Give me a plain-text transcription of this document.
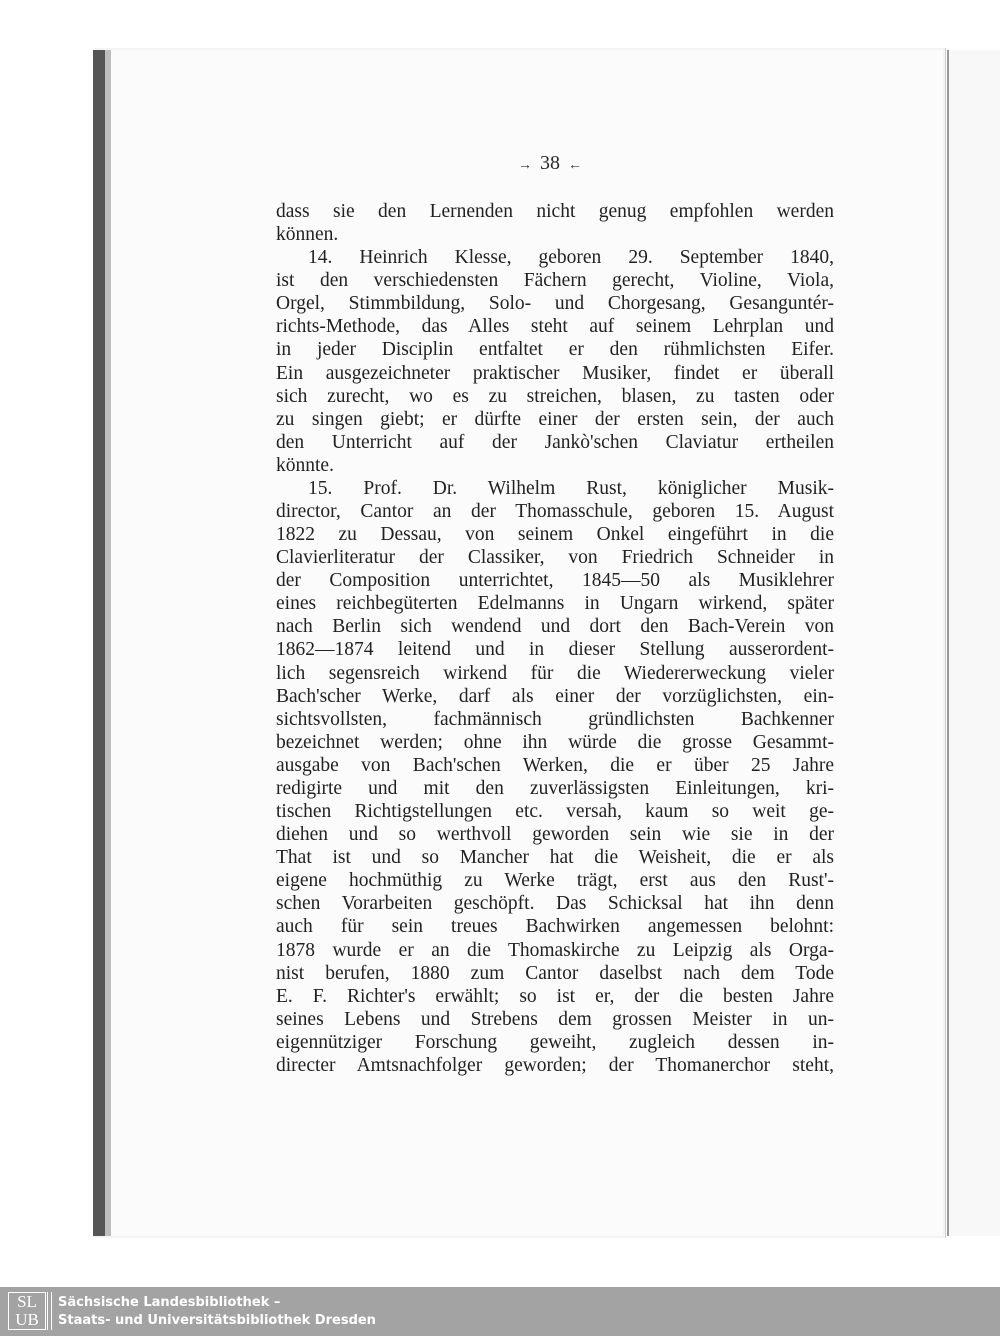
→ 38 ←
dass sie den Lernenden nicht genug empfohlen werden
können.
14. Heinrich Klesse, geboren 29. September 1840,
ist den verschiedensten Fächern gerecht, Violine, Viola,
Orgel, Stimmbildung, Solo- und Chorgesang, Gesanguntér-
richts-Methode, das Alles steht auf seinem Lehrplan und
in jeder Disciplin entfaltet er den rühmlichsten Eifer.
Ein ausgezeichneter praktischer Musiker, findet er überall
sich zurecht, wo es zu streichen, blasen, zu tasten oder
zu singen giebt; er dürfte einer der ersten sein, der auch
den Unterricht auf der Jankò'schen Claviatur ertheilen
könnte.
15. Prof. Dr. Wilhelm Rust, königlicher Musik-
director, Cantor an der Thomasschule, geboren 15. August
1822 zu Dessau, von seinem Onkel eingeführt in die
Clavierliteratur der Classiker, von Friedrich Schneider in
der Composition unterrichtet, 1845—50 als Musiklehrer
eines reichbegüterten Edelmanns in Ungarn wirkend, später
nach Berlin sich wendend und dort den Bach-Verein von
1862—1874 leitend und in dieser Stellung ausserordent-
lich segensreich wirkend für die Wiedererweckung vieler
Bach'scher Werke, darf als einer der vorzüglichsten, ein-
sichtsvollsten, fachmännisch gründlichsten Bachkenner
bezeichnet werden; ohne ihn würde die grosse Gesammt-
ausgabe von Bach'schen Werken, die er über 25 Jahre
redigirte und mit den zuverlässigsten Einleitungen, kri-
tischen Richtigstellungen etc. versah, kaum so weit ge-
diehen und so werthvoll geworden sein wie sie in der
That ist und so Mancher hat die Weisheit, die er als
eigene hochmüthig zu Werke trägt, erst aus den Rust'-
schen Vorarbeiten geschöpft. Das Schicksal hat ihn denn
auch für sein treues Bachwirken angemessen belohnt:
1878 wurde er an die Thomaskirche zu Leipzig als Orga-
nist berufen, 1880 zum Cantor daselbst nach dem Tode
E. F. Richter's erwählt; so ist er, der die besten Jahre
seines Lebens und Strebens dem grossen Meister in un-
eigennütziger Forschung geweiht, zugleich dessen in-
directer Amtsnachfolger geworden; der Thomanerchor steht,
SL
UB
Sächsische Landesbibliothek –
Staats- und Universitätsbibliothek Dresden
